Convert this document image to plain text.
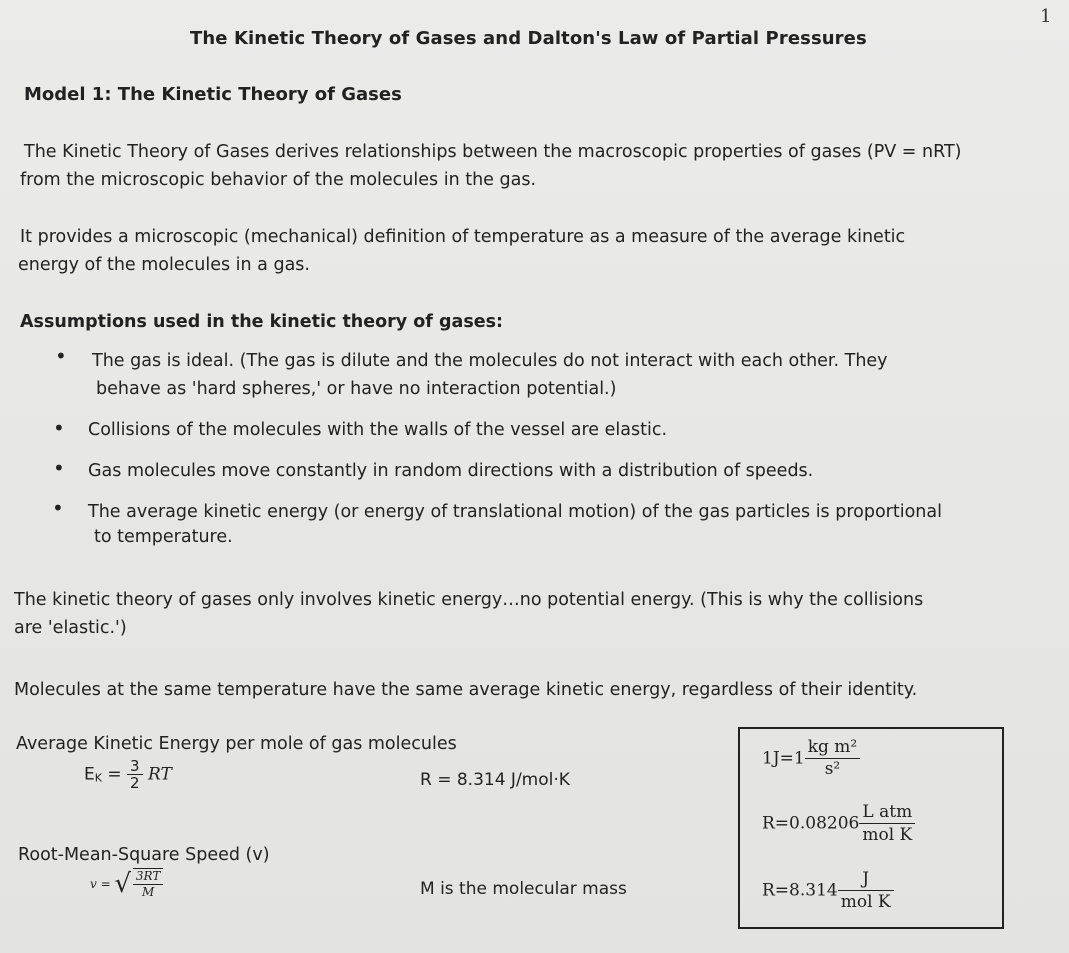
1
The Kinetic Theory of Gases and Dalton's Law of Partial Pressures
Model 1: The Kinetic Theory of Gases
The Kinetic Theory of Gases derives relationships between the macroscopic properties of gases (PV = nRT)
from the microscopic behavior of the molecules in the gas.
It provides a microscopic (mechanical) definition of temperature as a measure of the average kinetic
energy of the molecules in a gas.
Assumptions used in the kinetic theory of gases:
• The gas is ideal. (The gas is dilute and the molecules do not interact with each other. They
behave as 'hard spheres,' or have no interaction potential.)
• Collisions of the molecules with the walls of the vessel are elastic.
• Gas molecules move constantly in random directions with a distribution of speeds.
• The average kinetic energy (or energy of translational motion) of the gas particles is proportional
to temperature.
The kinetic theory of gases only involves kinetic energy…no potential energy. (This is why the collisions
are 'elastic.')
Molecules at the same temperature have the same average kinetic energy, regardless of their identity.
Average Kinetic Energy per mole of gas molecules
EK = $\frac{3}{2}$ RT	R = 8.314 J/mol·K
Root-Mean-Square Speed (v)
v = √ $\frac{3RT}{M}$	M is the molecular mass
$1J=1 \frac{\text{kg m²}}{\text{s²}}$
$R=0.08206 \frac{\text{L atm}}{\text{mol K}}$
$R=8.314 \frac{J}{\text{mol K}}$
